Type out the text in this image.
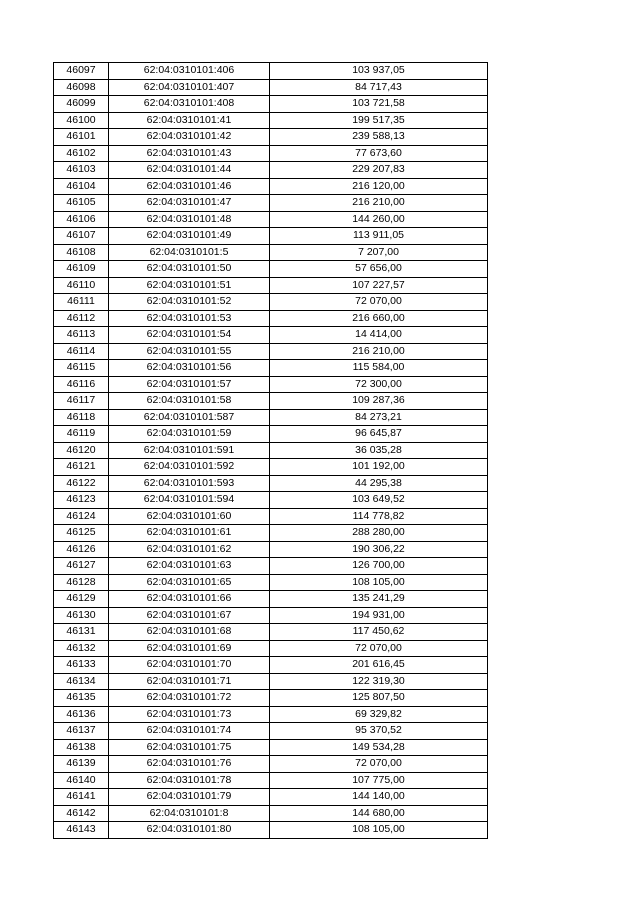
46097	62:04:0310101:406	103 937,05
46098	62:04:0310101:407	84 717,43
46099	62:04:0310101:408	103 721,58
46100	62:04:0310101:41	199 517,35
46101	62:04:0310101:42	239 588,13
46102	62:04:0310101:43	77 673,60
46103	62:04:0310101:44	229 207,83
46104	62:04:0310101:46	216 120,00
46105	62:04:0310101:47	216 210,00
46106	62:04:0310101:48	144 260,00
46107	62:04:0310101:49	113 911,05
46108	62:04:0310101:5	7 207,00
46109	62:04:0310101:50	57 656,00
46110	62:04:0310101:51	107 227,57
46111	62:04:0310101:52	72 070,00
46112	62:04:0310101:53	216 660,00
46113	62:04:0310101:54	14 414,00
46114	62:04:0310101:55	216 210,00
46115	62:04:0310101:56	115 584,00
46116	62:04:0310101:57	72 300,00
46117	62:04:0310101:58	109 287,36
46118	62:04:0310101:587	84 273,21
46119	62:04:0310101:59	96 645,87
46120	62:04:0310101:591	36 035,28
46121	62:04:0310101:592	101 192,00
46122	62:04:0310101:593	44 295,38
46123	62:04:0310101:594	103 649,52
46124	62:04:0310101:60	114 778,82
46125	62:04:0310101:61	288 280,00
46126	62:04:0310101:62	190 306,22
46127	62:04:0310101:63	126 700,00
46128	62:04:0310101:65	108 105,00
46129	62:04:0310101:66	135 241,29
46130	62:04:0310101:67	194 931,00
46131	62:04:0310101:68	117 450,62
46132	62:04:0310101:69	72 070,00
46133	62:04:0310101:70	201 616,45
46134	62:04:0310101:71	122 319,30
46135	62:04:0310101:72	125 807,50
46136	62:04:0310101:73	69 329,82
46137	62:04:0310101:74	95 370,52
46138	62:04:0310101:75	149 534,28
46139	62:04:0310101:76	72 070,00
46140	62:04:0310101:78	107 775,00
46141	62:04:0310101:79	144 140,00
46142	62:04:0310101:8	144 680,00
46143	62:04:0310101:80	108 105,00
